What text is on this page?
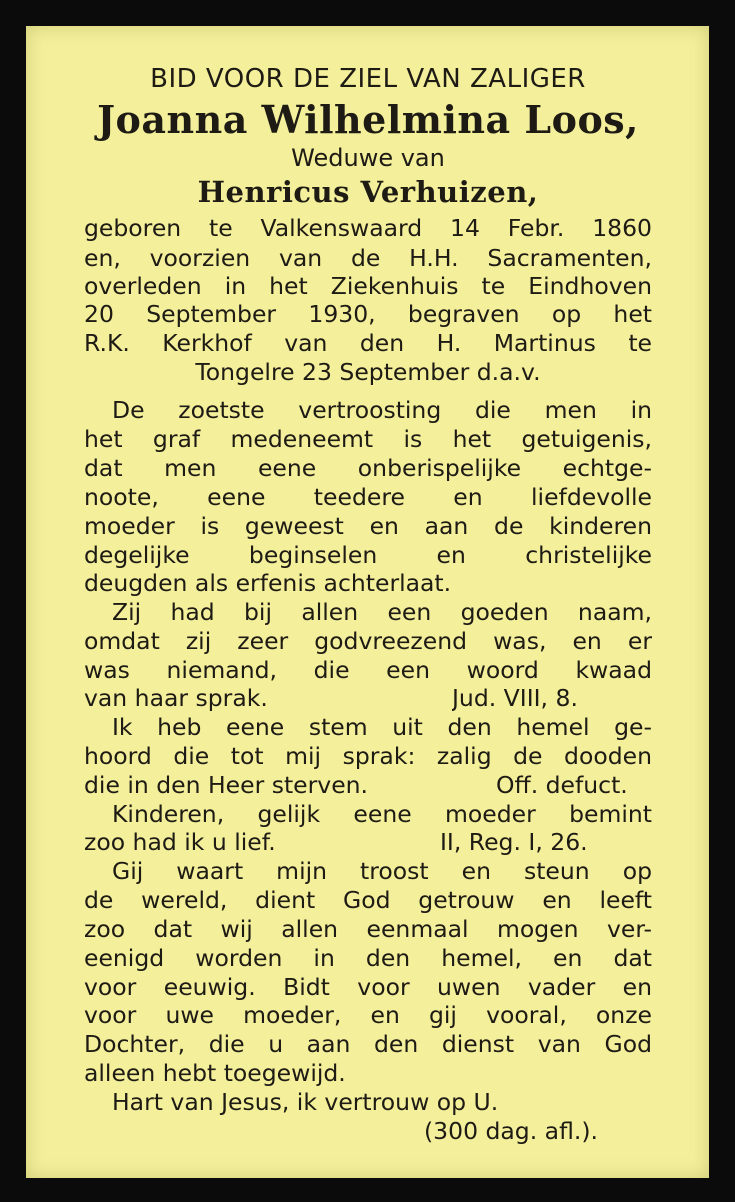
BID VOOR DE ZIEL VAN ZALIGER

Joanna Wilhelmina Loos,

Weduwe van

Henricus Verhuizen,

geboren te Valkenswaard 14 Febr. 1860

en, voorzien van de H.H. Sacramenten,

overleden in het Ziekenhuis te Eindhoven

20 September 1930, begraven op het

R.K. Kerkhof van den H. Martinus te

Tongelre 23 September d.a.v.

De zoetste vertroosting die men in

het graf medeneemt is het getuigenis,

dat men eene onberispelijke echtge-

noote, eene teedere en liefdevolle

moeder is geweest en aan de kinderen

degelijke beginselen en christelijke

deugden als erfenis achterlaat.

Zij had bij allen een goeden naam,

omdat zij zeer godvreezend was, en er

was niemand, die een woord kwaad

van haar sprak.	Jud. VIII, 8.

Ik heb eene stem uit den hemel ge-

hoord die tot mij sprak: zalig de dooden

die in den Heer sterven.	Off. defuct.

Kinderen, gelijk eene moeder bemint

zoo had ik u lief.	II, Reg. I, 26.

Gij waart mijn troost en steun op

de wereld, dient God getrouw en leeft

zoo dat wij allen eenmaal mogen ver-

eenigd worden in den hemel, en dat

voor eeuwig. Bidt voor uwen vader en

voor uwe moeder, en gij vooral, onze

Dochter, die u aan den dienst van God

alleen hebt toegewijd.

Hart van Jesus, ik vertrouw op U.

(300 dag. afl.).
